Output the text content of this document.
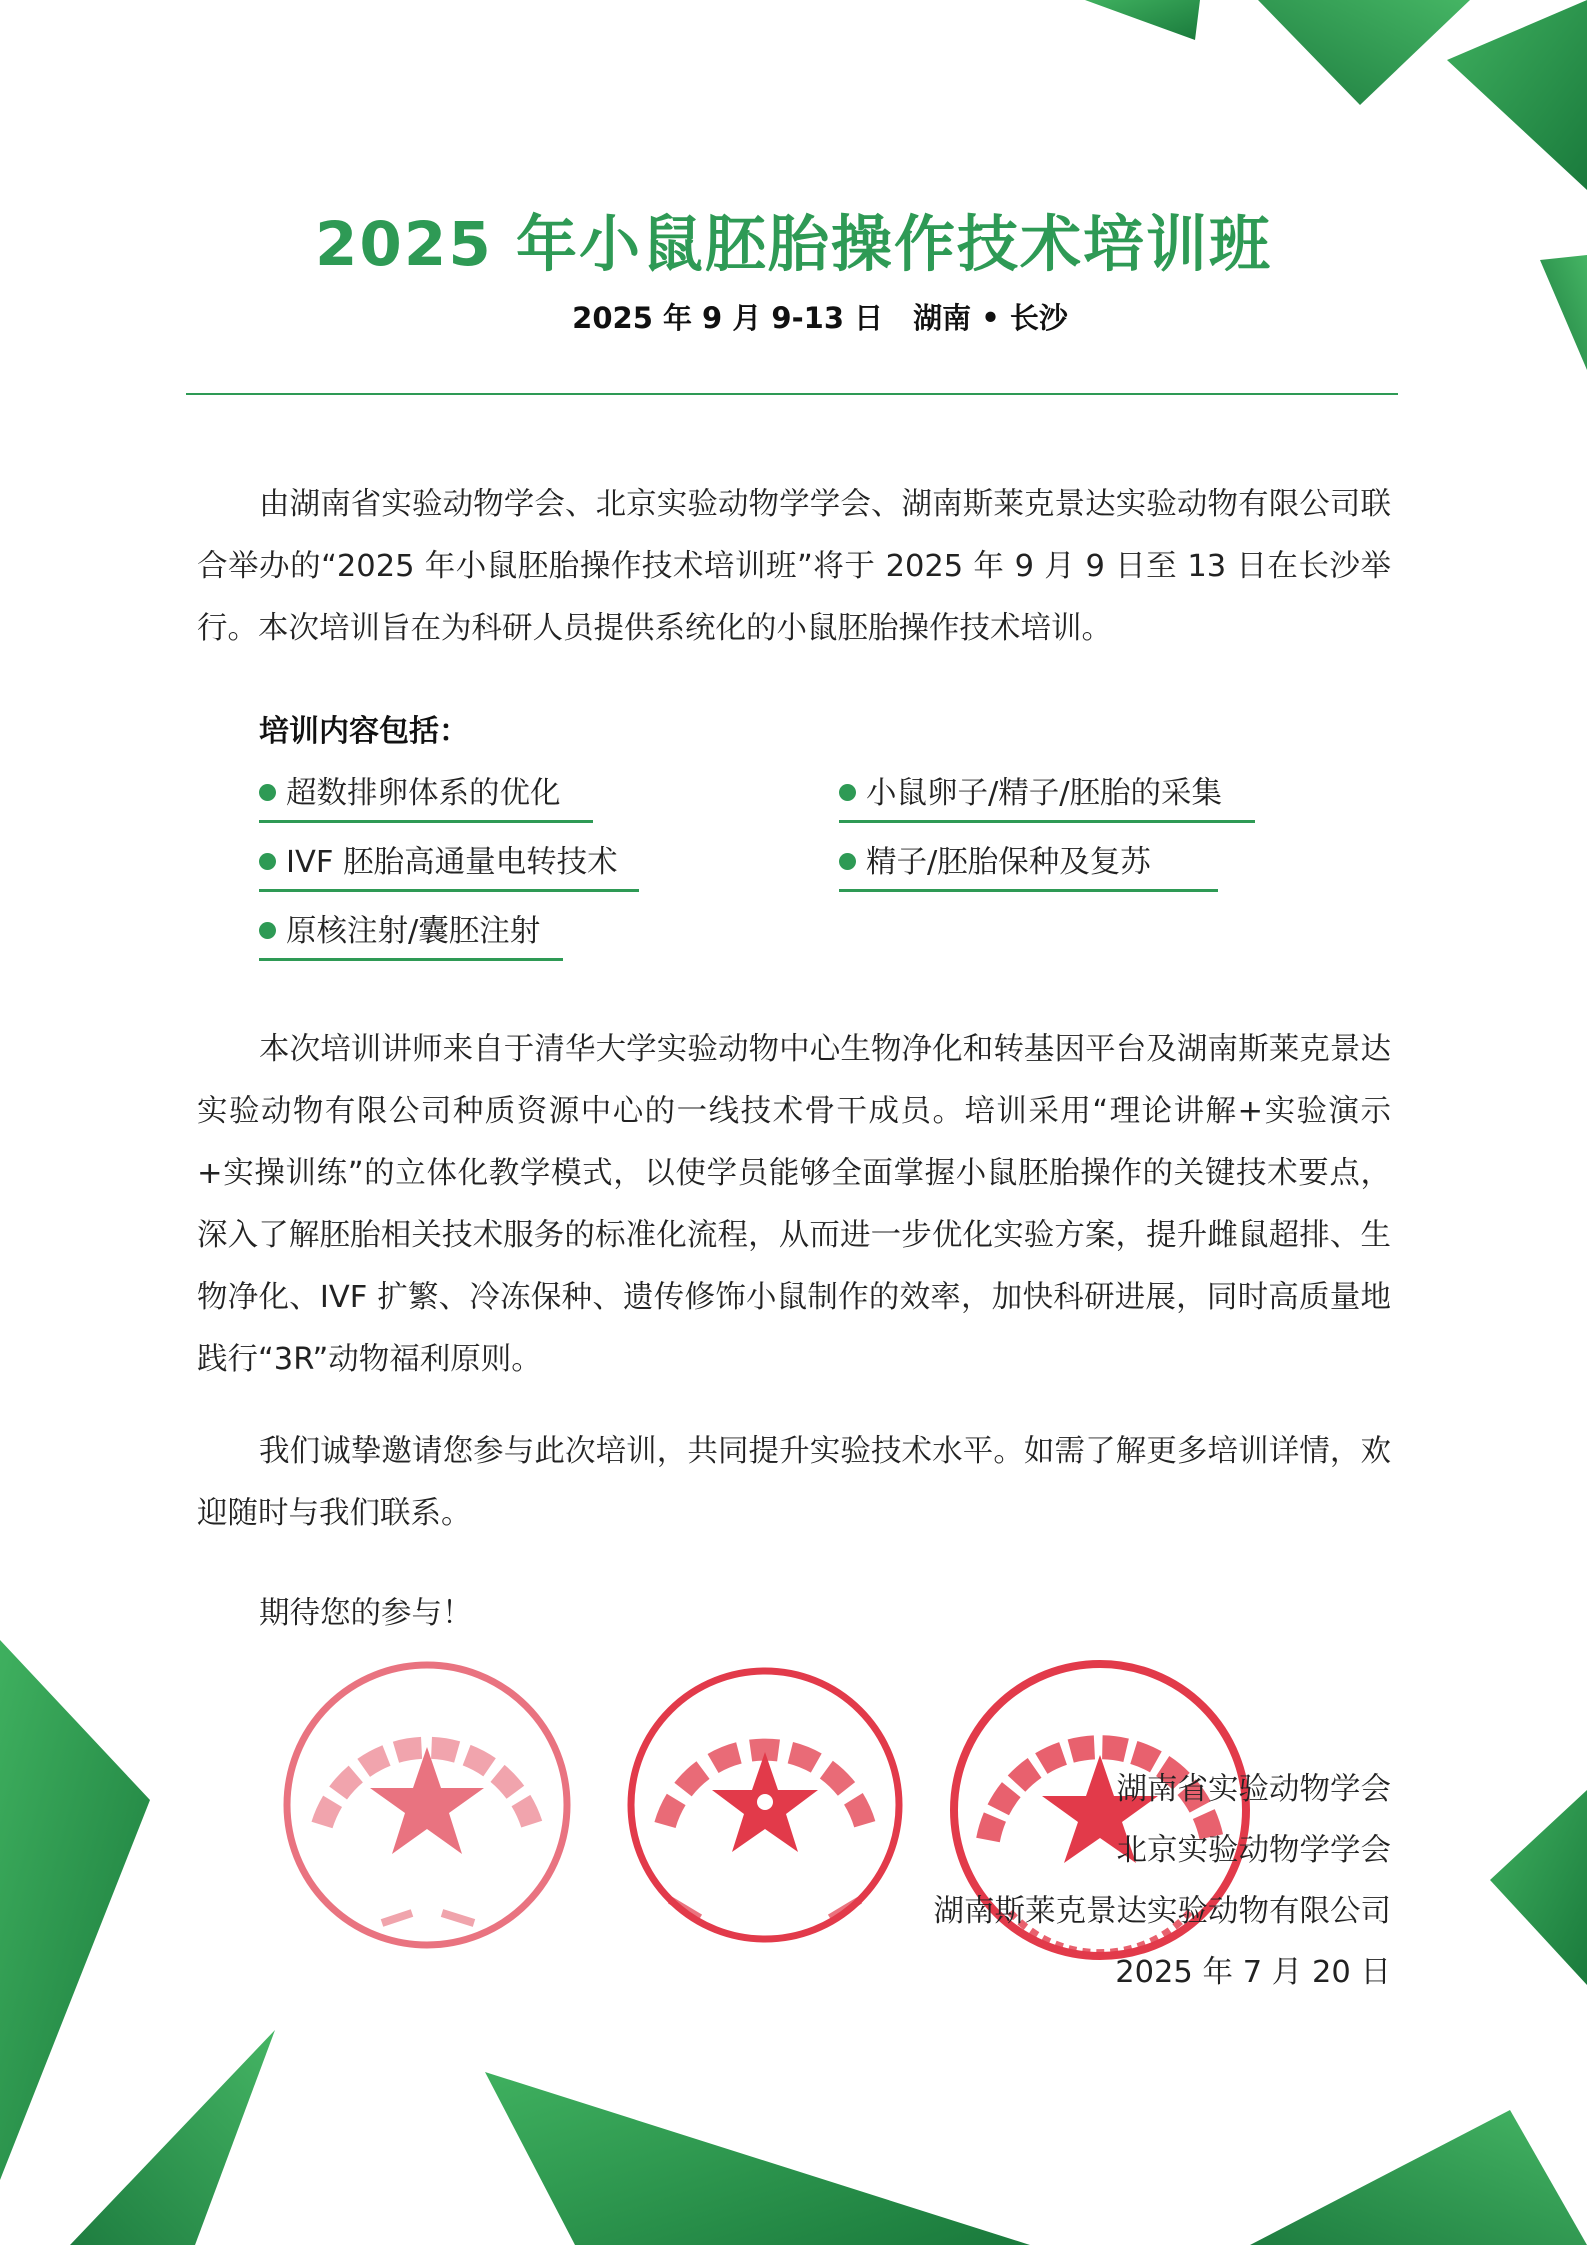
2025 年小鼠胚胎操作技术培训班
2025 年 9 月 9-13 日 湖南 • 长沙

由湖南省实验动物学会、北京实验动物学学会、湖南斯莱克景达实验动物有限公司联合举办的“2025 年小鼠胚胎操作技术培训班”将于 2025 年 9 月 9 日至 13 日在长沙举行。本次培训旨在为科研人员提供系统化的小鼠胚胎操作技术培训。

培训内容包括：

超数排卵体系的优化	小鼠卵子/精子/胚胎的采集
IVF 胚胎高通量电转技术	精子/胚胎保种及复苏
原核注射/囊胚注射

本次培训讲师来自于清华大学实验动物中心生物净化和转基因平台及湖南斯莱克景达实验动物有限公司种质资源中心的一线技术骨干成员。培训采用“理论讲解+实验演示+实操训练”的立体化教学模式，以使学员能够全面掌握小鼠胚胎操作的关键技术要点，深入了解胚胎相关技术服务的标准化流程，从而进一步优化实验方案，提升雌鼠超排、生物净化、IVF 扩繁、冷冻保种、遗传修饰小鼠制作的效率，加快科研进展，同时高质量地践行“3R”动物福利原则。

我们诚挚邀请您参与此次培训，共同提升实验技术水平。如需了解更多培训详情，欢迎随时与我们联系。

期待您的参与！

湖南省实验动物学会
北京实验动物学学会
湖南斯莱克景达实验动物有限公司
2025 年 7 月 20 日
